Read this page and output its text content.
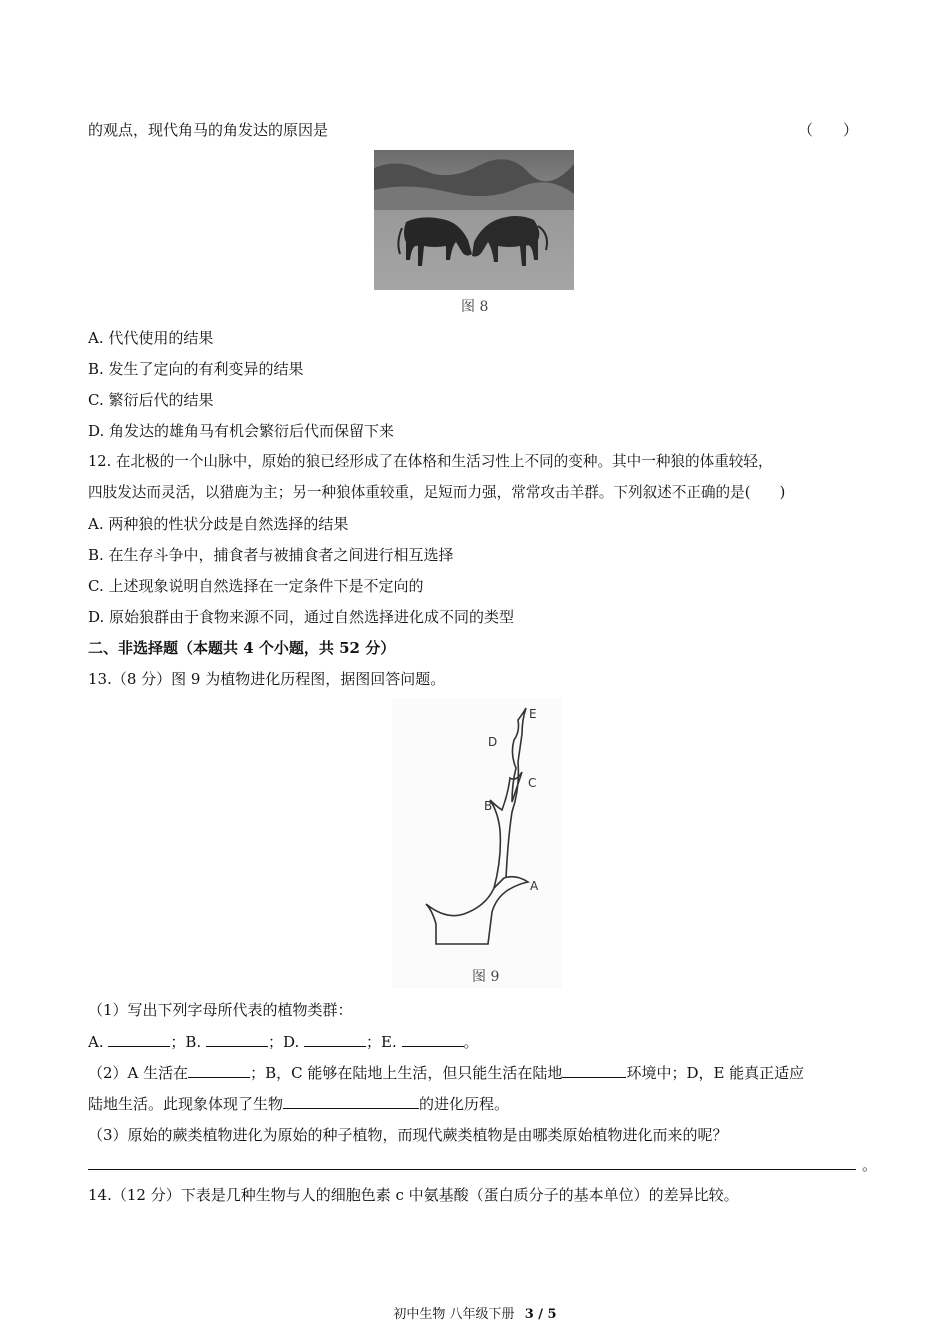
的观点，现代角马的角发达的原因是	（　　）
图 8
A. 代代使用的结果
B. 发生了定向的有利变异的结果
C. 繁衍后代的结果
D. 角发达的雄角马有机会繁衍后代而保留下来
12. 在北极的一个山脉中，原始的狼已经形成了在体格和生活习性上不同的变种。其中一种狼的体重较轻，
四肢发达而灵活，以猎鹿为主；另一种狼体重较重，足短而力强，常常攻击羊群。下列叙述不正确的是(　　)
A. 两种狼的性状分歧是自然选择的结果
B. 在生存斗争中，捕食者与被捕食者之间进行相互选择
C. 上述现象说明自然选择在一定条件下是不定向的
D. 原始狼群由于食物来源不同，通过自然选择进化成不同的类型
二、非选择题（本题共 4 个小题，共 52 分）
13.（8 分）图 9 为植物进化历程图，据图回答问题。
A
B
C
D
E
图 9
（1）写出下列字母所代表的植物类群：
A.	；B.	；D.	；E.	。
（2）A 生活在	；B，C 能够在陆地上生活，但只能生活在陆地	环境中；D，E 能真正适应
陆地生活。此现象体现了生物	的进化历程。
（3）原始的蕨类植物进化为原始的种子植物，而现代蕨类植物是由哪类原始植物进化而来的呢？
。
14.（12 分）下表是几种生物与人的细胞色素 c 中氨基酸（蛋白质分子的基本单位）的差异比较。
初中生物 八年级下册 3 / 5
